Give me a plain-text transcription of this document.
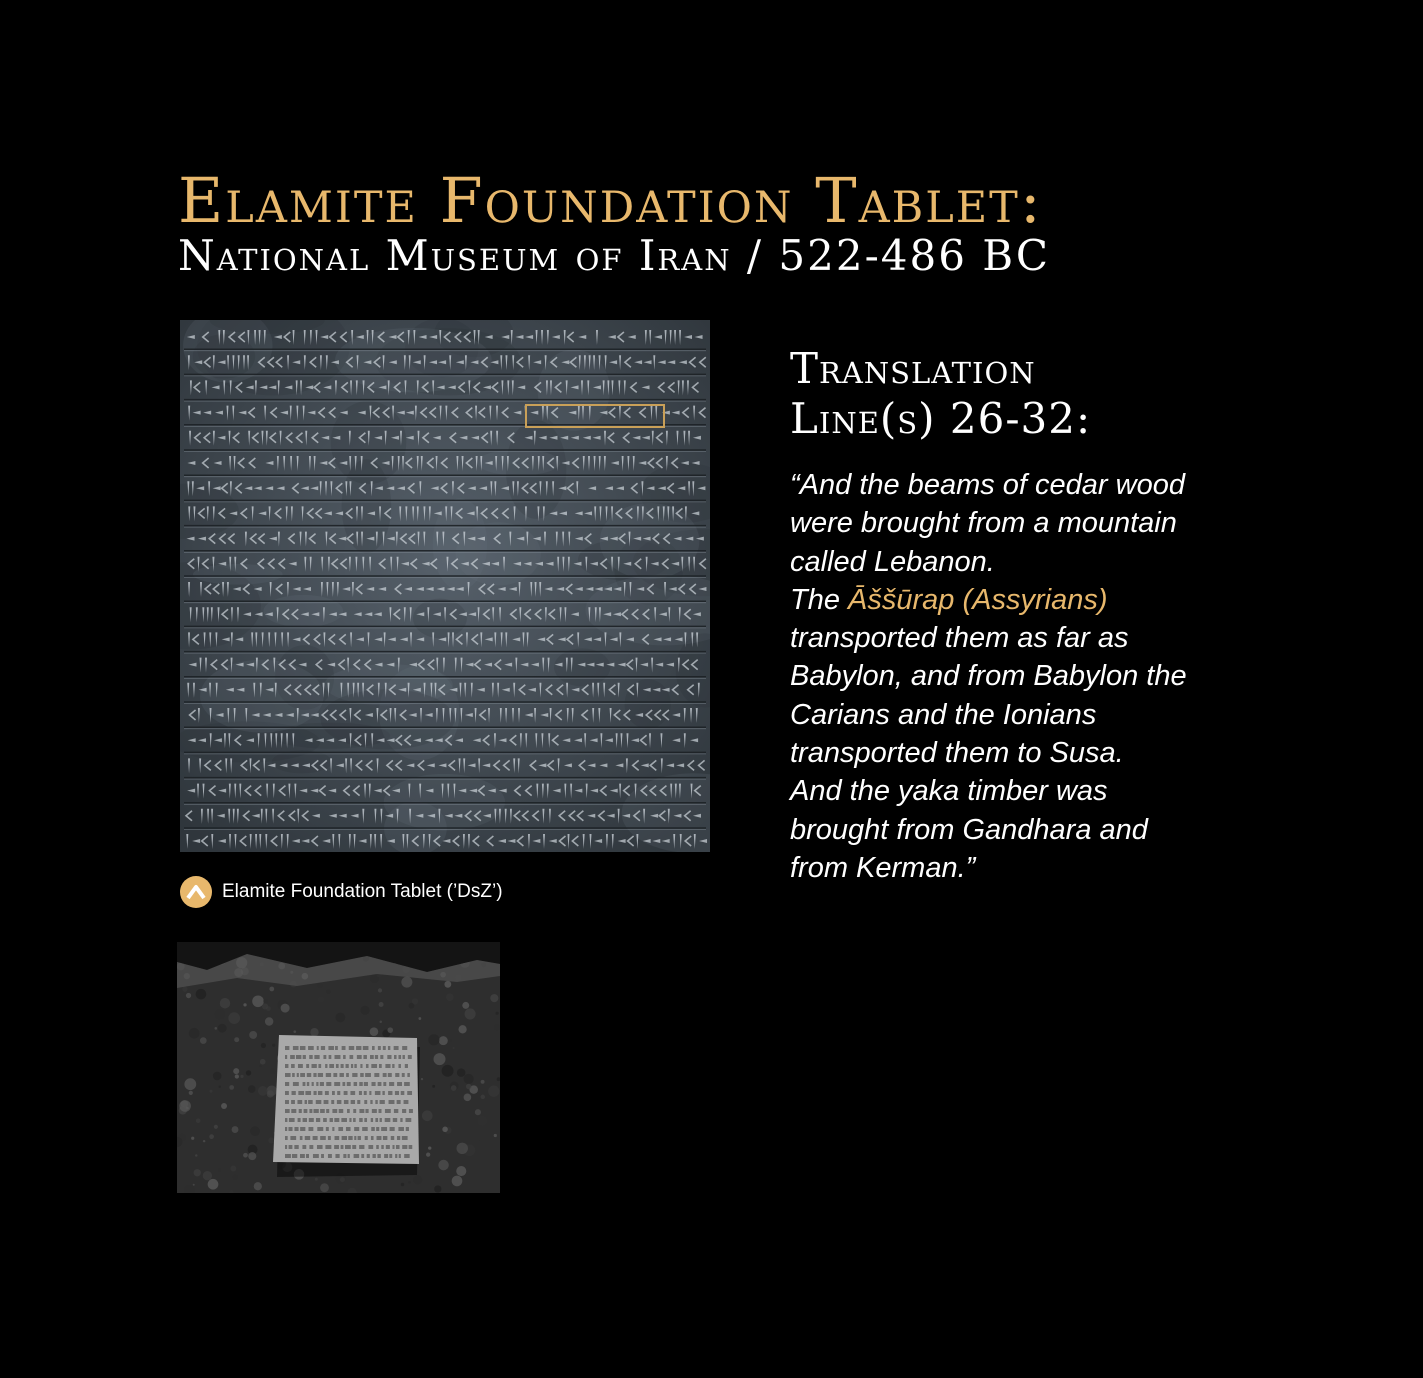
Elamite Foundation Tablet:
National Museum of Iran / 522-486 BC
Elamite Foundation Tablet (’DsZ’)
Translation
Line(s) 26-32:
“And the beams of cedar wood
were brought from a mountain
called Lebanon.
The Āššūrap (Assyrians)
transported them as far as
Babylon, and from Babylon the
Carians and the Ionians
transported them to Susa.
And the yaka timber was
brought from Gandhara and
from Kerman.”
